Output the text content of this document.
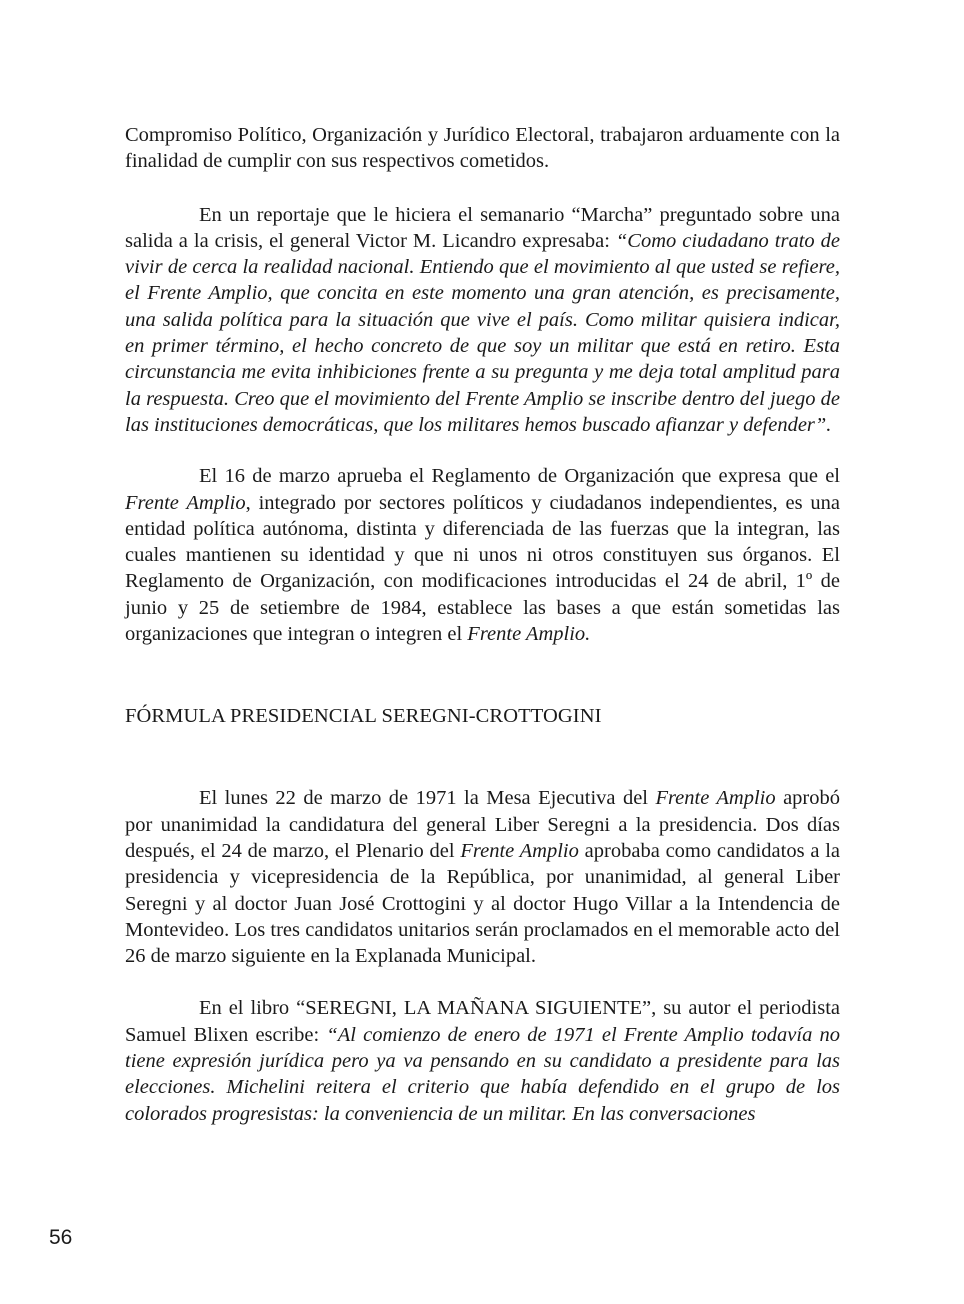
Compromiso Político, Organización y Jurídico Electoral, trabajaron arduamente con la finalidad de cumplir con sus respectivos cometidos.

En un reportaje que le hiciera el semanario “Marcha” preguntado sobre una salida a la crisis, el general Victor M. Licandro expresaba: “Como ciudadano trato de vivir de cerca la realidad nacional. Entiendo que el movimiento al que usted se refiere, el Frente Amplio, que concita en este momento una gran atención, es precisamente, una salida política para la situación que vive el país. Como militar quisiera indicar, en primer término, el hecho concreto de que soy un militar que está en retiro. Esta circunstancia me evita inhibiciones frente a su pregunta y me deja total amplitud para la respuesta. Creo que el movimiento del Frente Amplio se inscribe dentro del juego de las instituciones democráticas, que los militares hemos buscado afianzar y defender”.

El 16 de marzo aprueba el Reglamento de Organización que expresa que el Frente Amplio, integrado por sectores políticos y ciudadanos independientes, es una entidad política autónoma, distinta y diferenciada de las fuerzas que la integran, las cuales mantienen su identidad y que ni unos ni otros constituyen sus órganos. El Reglamento de Organización, con modificaciones introducidas el 24 de abril, 1º de junio y 25 de setiembre de 1984, establece las bases a que están sometidas las organizaciones que integran o integren el Frente Amplio.

FÓRMULA PRESIDENCIAL SEREGNI-CROTTOGINI

El lunes 22 de marzo de 1971 la Mesa Ejecutiva del Frente Amplio aprobó por unanimidad la candidatura del general Liber Seregni a la presidencia. Dos días después, el 24 de marzo, el Plenario del Frente Amplio aprobaba como candidatos a la presidencia y vicepresidencia de la República, por unanimidad, al general Liber Seregni y al doctor Juan José Crottogini y al doctor Hugo Villar a la Intendencia de Montevideo. Los tres candidatos unitarios serán proclamados en el memorable acto del 26 de marzo siguiente en la Explanada Municipal.

En el libro “SEREGNI, LA MAÑANA SIGUIENTE”, su autor el periodista Samuel Blixen escribe: “Al comienzo de enero de 1971 el Frente Amplio todavía no tiene expresión jurídica pero ya va pensando en su candidato a presidente para las elecciones. Michelini reitera el criterio que había defendido en el grupo de los colorados progresistas: la conveniencia de un militar. En las conversaciones

56
